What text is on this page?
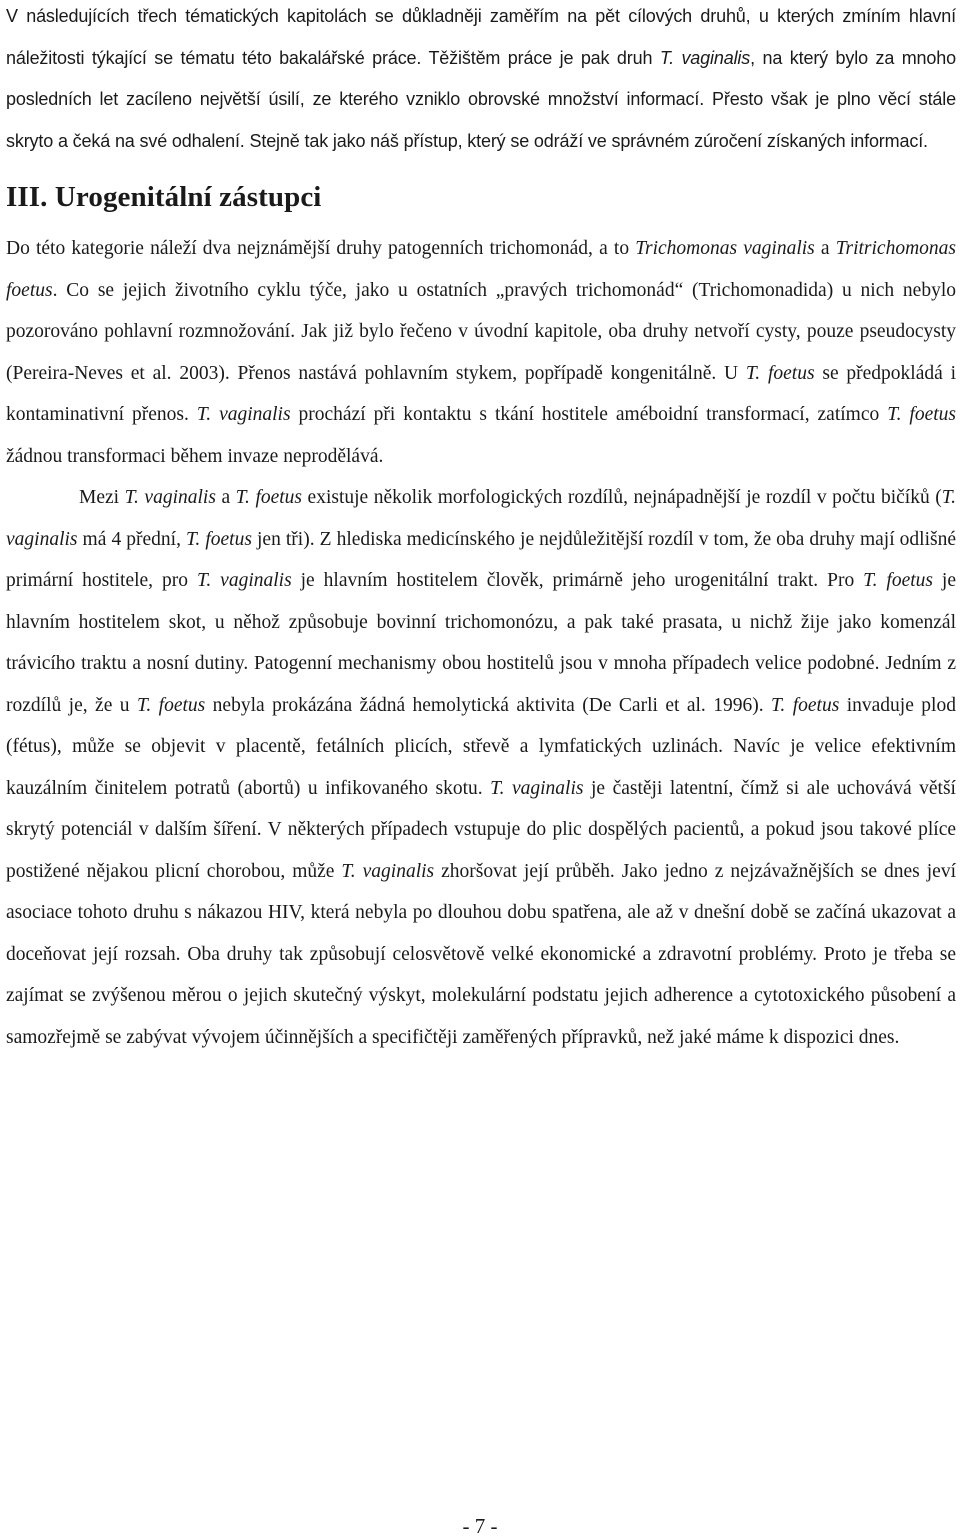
V následujících třech tématických kapitolách se důkladněji zaměřím na pět cílových druhů, u kterých zmíním hlavní náležitosti týkající se tématu této bakalářské práce. Těžištěm práce je pak druh T. vaginalis, na který bylo za mnoho posledních let zacíleno největší úsilí, ze kterého vzniklo obrovské množství informací. Přesto však je plno věcí stále skryto a čeká na své odhalení. Stejně tak jako náš přístup, který se odráží ve správném zúročení získaných informací.

III. Urogenitální zástupci

Do této kategorie náleží dva nejznámější druhy patogenních trichomonád, a to Trichomonas vaginalis a Tritrichomonas foetus. Co se jejich životního cyklu týče, jako u ostatních „pravých trichomonád“ (Trichomonadida) u nich nebylo pozorováno pohlavní rozmnožování. Jak již bylo řečeno v úvodní kapitole, oba druhy netvoří cysty, pouze pseudocysty (Pereira-Neves et al. 2003). Přenos nastává pohlavním stykem, popřípadě kongenitálně. U T. foetus se předpokládá i kontaminativní přenos. T. vaginalis prochází při kontaktu s tkání hostitele améboidní transformací, zatímco T. foetus žádnou transformaci během invaze neprodělává.

Mezi T. vaginalis a T. foetus existuje několik morfologických rozdílů, nejnápadnější je rozdíl v počtu bičíků (T. vaginalis má 4 přední, T. foetus jen tři). Z hlediska medicínského je nejdůležitější rozdíl v tom, že oba druhy mají odlišné primární hostitele, pro T. vaginalis je hlavním hostitelem člověk, primárně jeho urogenitální trakt. Pro T. foetus je hlavním hostitelem skot, u něhož způsobuje bovinní trichomonózu, a pak také prasata, u nichž žije jako komenzál trávicího traktu a nosní dutiny. Patogenní mechanismy obou hostitelů jsou v mnoha případech velice podobné. Jedním z rozdílů je, že u T. foetus nebyla prokázána žádná hemolytická aktivita (De Carli et al. 1996). T. foetus invaduje plod (fétus), může se objevit v placentě, fetálních plicích, střevě a lymfatických uzlinách. Navíc je velice efektivním kauzálním činitelem potratů (abortů) u infikovaného skotu. T. vaginalis je častěji latentní, čímž si ale uchovává větší skrytý potenciál v dalším šíření. V některých případech vstupuje do plic dospělých pacientů, a pokud jsou takové plíce postižené nějakou plicní chorobou, může T. vaginalis zhoršovat její průběh. Jako jedno z nejzávažnějších se dnes jeví asociace tohoto druhu s nákazou HIV, která nebyla po dlouhou dobu spatřena, ale až v dnešní době se začíná ukazovat a doceňovat její rozsah. Oba druhy tak způsobují celosvětově velké ekonomické a zdravotní problémy. Proto je třeba se zajímat se zvýšenou měrou o jejich skutečný výskyt, molekulární podstatu jejich adherence a cytotoxického působení a samozřejmě se zabývat vývojem účinnějších a specifičtěji zaměřených přípravků, než jaké máme k dispozici dnes.

- 7 -
